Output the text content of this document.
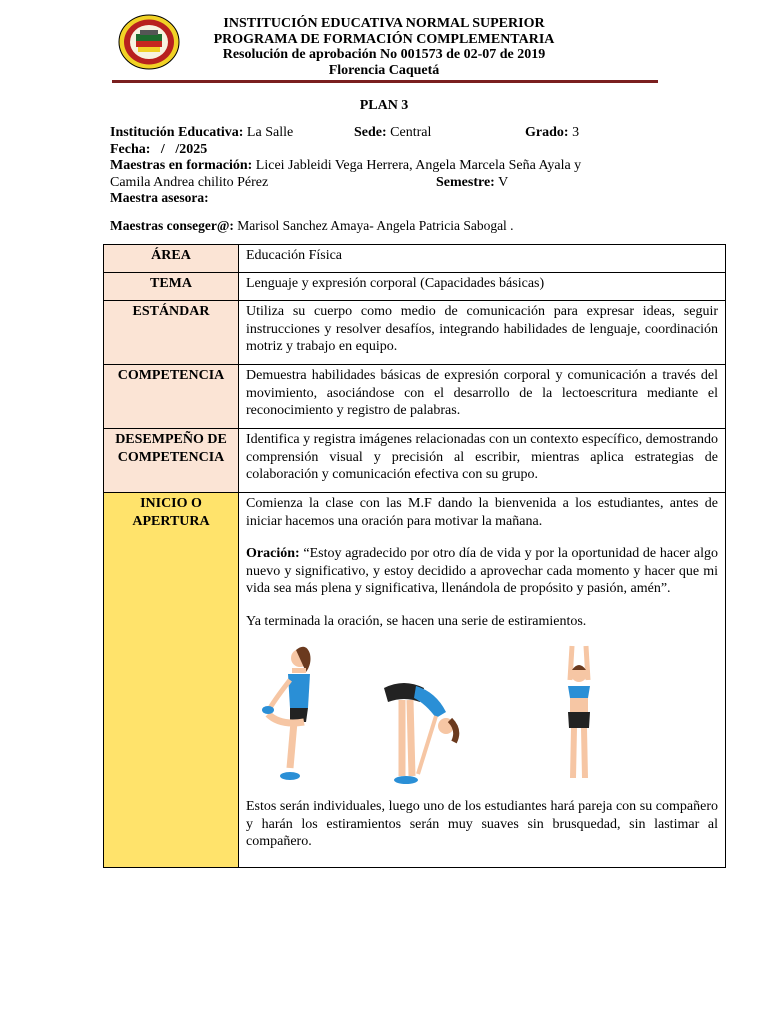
INSTITUCIÓN EDUCATIVA NORMAL SUPERIOR
PROGRAMA DE FORMACIÓN COMPLEMENTARIA
Resolución de aprobación No 001573 de 02-07 de 2019
Florencia Caquetá
PLAN 3
Institución Educativa: La Salle	Sede: Central	Grado: 3
Fecha:   /   /2025
Maestras en formación: Licei Jableidi Vega Herrera, Angela Marcela Seña Ayala y
Camila Andrea chilito Pérez	Semestre: V
Maestra asesora:
Maestras conseger@: Marisol Sanchez Amaya- Angela Patricia Sabogal .
ÁREA	Educación Física
TEMA	Lenguaje y expresión corporal (Capacidades básicas)
ESTÁNDAR	Utiliza su cuerpo como medio de comunicación para expresar ideas, seguir instrucciones y resolver desafíos, integrando habilidades de lenguaje, coordinación motriz y trabajo en equipo.
COMPETENCIA	Demuestra habilidades básicas de expresión corporal y comunicación a través del movimiento, asociándose con el desarrollo de la lectoescritura mediante el reconocimiento y registro de palabras.
DESEMPEÑO DE COMPETENCIA	Identifica y registra imágenes relacionadas con un contexto específico, demostrando comprensión visual y precisión al escribir, mientras aplica estrategias de colaboración y comunicación efectiva con su grupo.
INICIO O APERTURA	Comienza la clase con las M.F dando la bienvenida a los estudiantes, antes de iniciar hacemos una oración para motivar la mañana.

Oración: “Estoy agradecido por otro día de vida y por la oportunidad de hacer algo nuevo y significativo, y estoy decidido a aprovechar cada momento y hacer que mi vida sea más plena y significativa, llenándola de propósito y pasión, amén”.

Ya terminada la oración, se hacen una serie de estiramientos.

Estos serán individuales, luego uno de los estudiantes hará pareja con su compañero y harán los estiramientos serán muy suaves sin brusquedad, sin lastimar al compañero.
